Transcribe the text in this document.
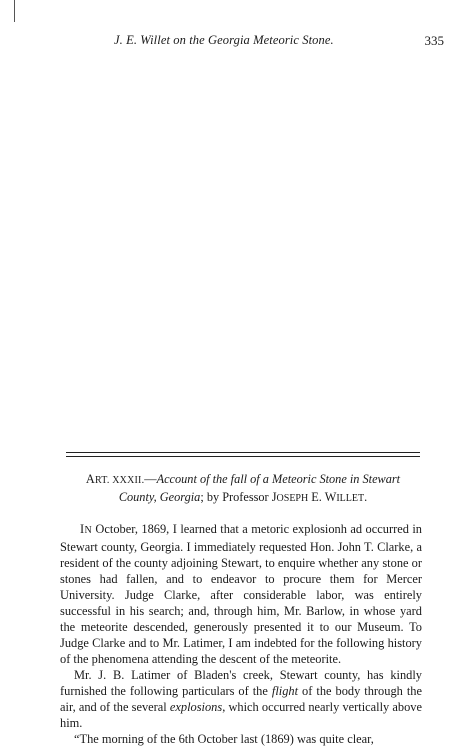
J. E. Willet on the Georgia Meteoric Stone.	335
ART. XXXII.—Account of the fall of a Meteoric Stone in Stewart County, Georgia; by Professor JOSEPH E. WILLET.

IN October, 1869, I learned that a metoric explosionh ad occurred in Stewart county, Georgia. I immediately requested Hon. John T. Clarke, a resident of the county adjoining Stewart, to enquire whether any stone or stones had fallen, and to endeavor to procure them for Mercer University. Judge Clarke, after considerable labor, was entirely successful in his search; and, through him, Mr. Barlow, in whose yard the meteorite descended, generously presented it to our Museum. To Judge Clarke and to Mr. Latimer, I am indebted for the following history of the phenomena attending the descent of the meteorite.

Mr. J. B. Latimer of Bladen's creek, Stewart county, has kindly furnished the following particulars of the flight of the body through the air, and of the several explosions, which occurred nearly vertically above him.

“The morning of the 6th October last (1869) was quite clear,
